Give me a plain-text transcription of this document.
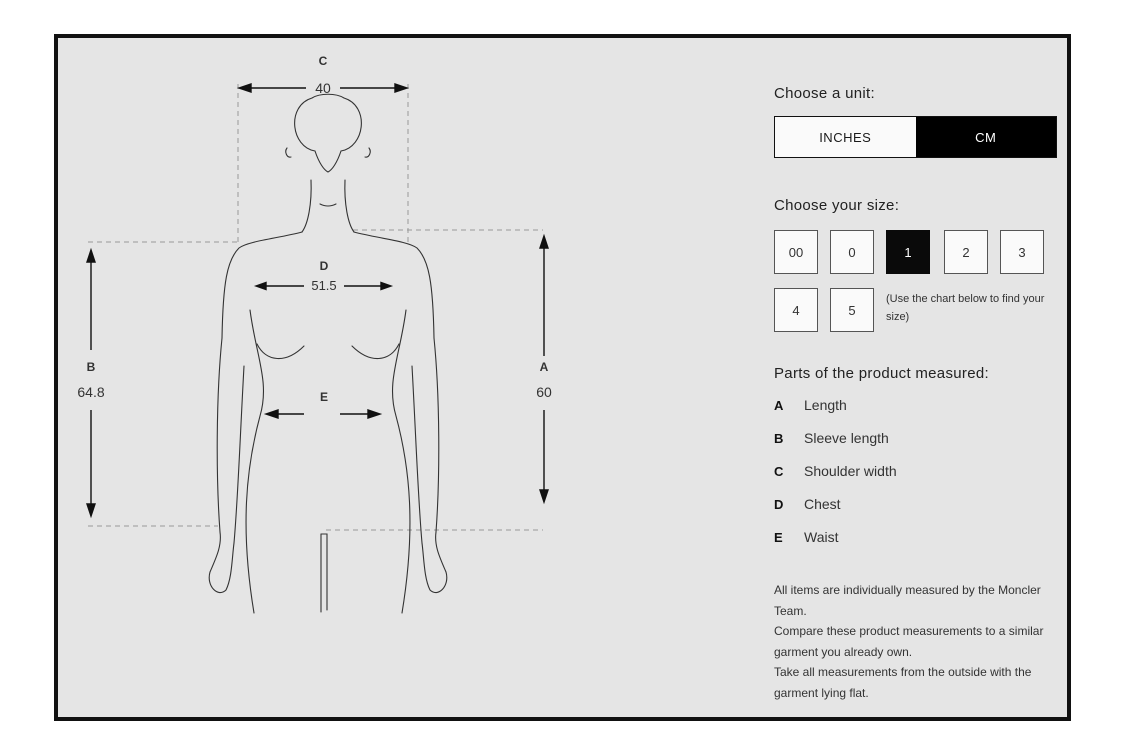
C
40
D
51.5
B
64.8
A
60
E
Choose a unit:
INCHES	CM
Choose your size:
00	0	1	2	3
4	5
(Use the chart below to find your size)
Parts of the product measured:
A Length
B Sleeve length
C Shoulder width
D Chest
E Waist

All items are individually measured by the Moncler Team.

Compare these product measurements to a similar garment you already own.

Take all measurements from the outside with the garment lying flat.
